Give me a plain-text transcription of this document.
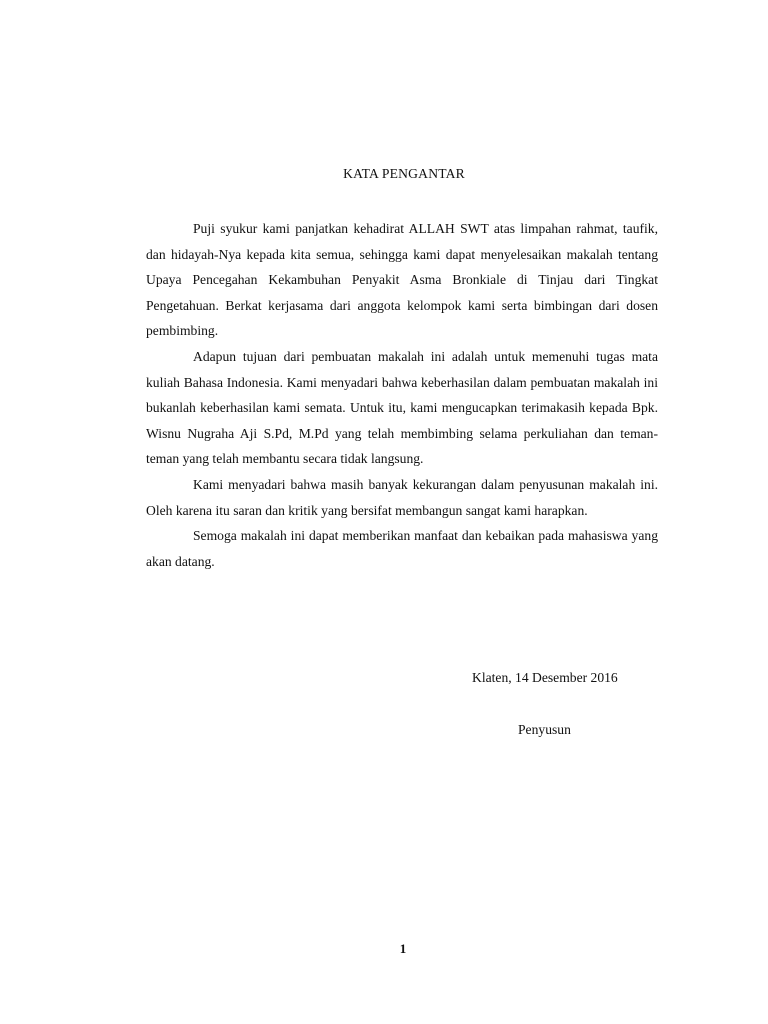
KATA PENGANTAR

Puji syukur kami panjatkan kehadirat ALLAH SWT atas limpahan rahmat, taufik, dan hidayah-Nya kepada kita semua, sehingga kami dapat menyelesaikan makalah tentang Upaya Pencegahan Kekambuhan Penyakit Asma Bronkiale di Tinjau dari Tingkat Pengetahuan. Berkat kerjasama dari anggota kelompok kami serta bimbingan dari dosen pembimbing.

Adapun tujuan dari pembuatan makalah ini adalah untuk memenuhi tugas mata kuliah Bahasa Indonesia. Kami menyadari bahwa keberhasilan dalam pembuatan makalah ini bukanlah keberhasilan kami semata. Untuk itu, kami mengucapkan terimakasih kepada Bpk. Wisnu Nugraha Aji S.Pd, M.Pd yang telah membimbing selama perkuliahan dan teman-teman yang telah membantu secara tidak langsung.

Kami menyadari bahwa masih banyak kekurangan dalam penyusunan makalah ini. Oleh karena itu saran dan kritik yang bersifat membangun sangat kami harapkan.

Semoga makalah ini dapat memberikan manfaat dan kebaikan pada mahasiswa yang akan datang.

Klaten, 14 Desember 2016
Penyusun
1
